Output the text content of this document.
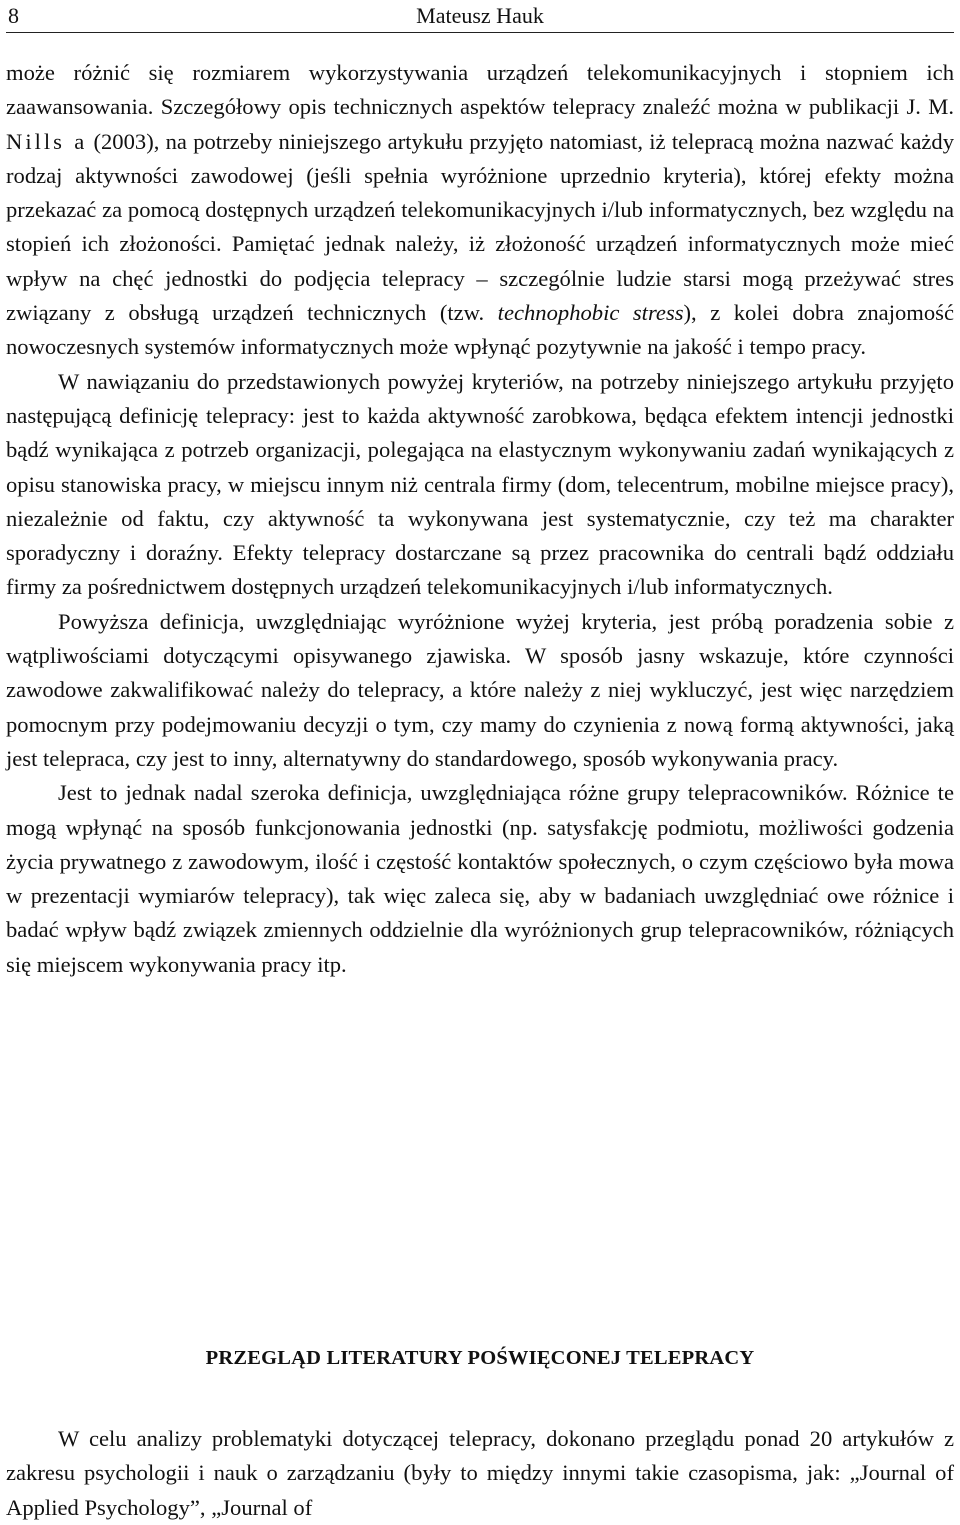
8	Mateusz Hauk

może różnić się rozmiarem wykorzystywania urządzeń telekomunikacyjnych i stopniem ich zaawansowania. Szczegółowy opis technicznych aspektów telepracy znaleźć można w publikacji J. M. Nills a (2003), na potrzeby niniejszego artykułu przyjęto natomiast, iż telepracą można nazwać każdy rodzaj aktywności zawodowej (jeśli spełnia wyróżnione uprzednio kryteria), której efekty można przekazać za pomocą dostępnych urządzeń telekomunikacyjnych i/lub informatycznych, bez względu na stopień ich złożoności. Pamiętać jednak należy, iż złożoność urządzeń informatycznych może mieć wpływ na chęć jednostki do podjęcia telepracy – szczególnie ludzie starsi mogą przeżywać stres związany z obsługą urządzeń technicznych (tzw. technophobic stress), z kolei dobra znajomość nowoczesnych systemów informatycznych może wpłynąć pozytywnie na jakość i tempo pracy.

W nawiązaniu do przedstawionych powyżej kryteriów, na potrzeby niniejszego artykułu przyjęto następującą definicję telepracy: jest to każda aktywność zarobkowa, będąca efektem intencji jednostki bądź wynikająca z potrzeb organizacji, polegająca na elastycznym wykonywaniu zadań wynikających z opisu stanowiska pracy, w miejscu innym niż centrala firmy (dom, telecentrum, mobilne miejsce pracy), niezależnie od faktu, czy aktywność ta wykonywana jest systematycznie, czy też ma charakter sporadyczny i doraźny. Efekty telepracy dostarczane są przez pracownika do centrali bądź oddziału firmy za pośrednictwem dostępnych urządzeń telekomunikacyjnych i/lub informatycznych.

Powyższa definicja, uwzględniając wyróżnione wyżej kryteria, jest próbą poradzenia sobie z wątpliwościami dotyczącymi opisywanego zjawiska. W sposób jasny wskazuje, które czynności zawodowe zakwalifikować należy do telepracy, a które należy z niej wykluczyć, jest więc narzędziem pomocnym przy podejmowaniu decyzji o tym, czy mamy do czynienia z nową formą aktywności, jaką jest telepraca, czy jest to inny, alternatywny do standardowego, sposób wykonywania pracy.

Jest to jednak nadal szeroka definicja, uwzględniająca różne grupy telepracowników. Różnice te mogą wpłynąć na sposób funkcjonowania jednostki (np. satysfakcję podmiotu, możliwości godzenia życia prywatnego z zawodowym, ilość i częstość kontaktów społecznych, o czym częściowo była mowa w prezentacji wymiarów telepracy), tak więc zaleca się, aby w badaniach uwzględniać owe różnice i badać wpływ bądź związek zmiennych oddzielnie dla wyróżnionych grup telepracowników, różniących się miejscem wykonywania pracy itp.

PRZEGLĄD LITERATURY POŚWIĘCONEJ TELEPRACY

W celu analizy problematyki dotyczącej telepracy, dokonano przeglądu ponad 20 artykułów z zakresu psychologii i nauk o zarządzaniu (były to między innymi takie czasopisma, jak: „Journal of Applied Psychology”, „Journal of
